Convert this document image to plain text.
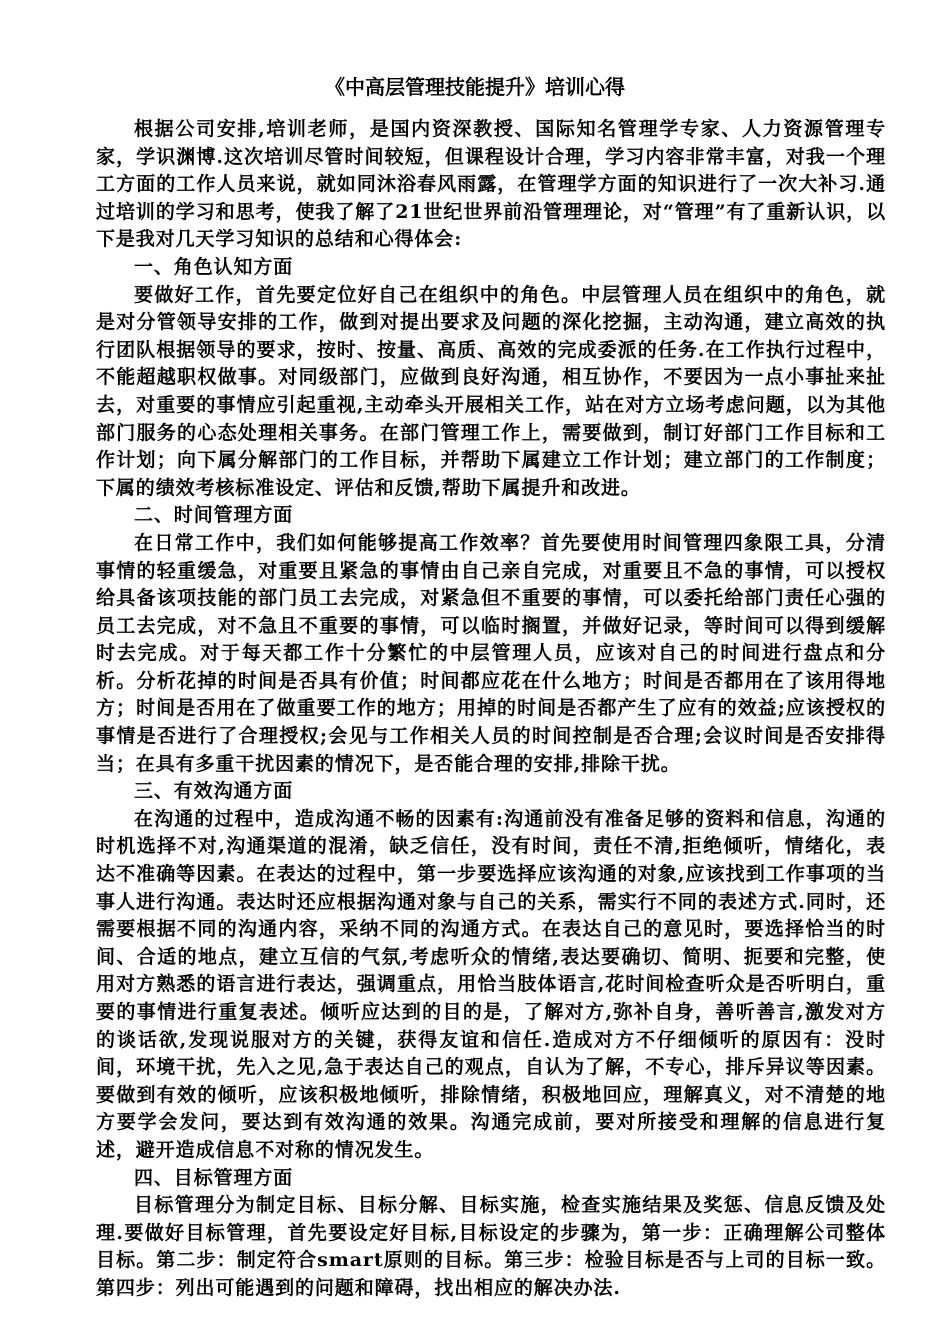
《中高层管理技能提升》培训心得

根据公司安排,培训老师，是国内资深教授、国际知名管理学专家、人力资源管理专家，学识渊博.这次培训尽管时间较短，但课程设计合理，学习内容非常丰富，对我一个理工方面的工作人员来说，就如同沐浴春风雨露，在管理学方面的知识进行了一次大补习.通过培训的学习和思考，使我了解了21世纪世界前沿管理理论，对“管理”有了重新认识，以下是我对几天学习知识的总结和心得体会:

一、角色认知方面

要做好工作，首先要定位好自己在组织中的角色。中层管理人员在组织中的角色，就是对分管领导安排的工作，做到对提出要求及问题的深化挖掘，主动沟通，建立高效的执行团队根据领导的要求，按时、按量、高质、高效的完成委派的任务.在工作执行过程中，不能超越职权做事。对同级部门，应做到良好沟通，相互协作，不要因为一点小事扯来扯去，对重要的事情应引起重视,主动牵头开展相关工作，站在对方立场考虑问题，以为其他部门服务的心态处理相关事务。在部门管理工作上，需要做到，制订好部门工作目标和工作计划；向下属分解部门的工作目标，并帮助下属建立工作计划；建立部门的工作制度；下属的绩效考核标准设定、评估和反馈,帮助下属提升和改进。

二、时间管理方面

在日常工作中，我们如何能够提高工作效率？首先要使用时间管理四象限工具，分清事情的轻重缓急，对重要且紧急的事情由自己亲自完成，对重要且不急的事情，可以授权给具备该项技能的部门员工去完成，对紧急但不重要的事情，可以委托给部门责任心强的员工去完成，对不急且不重要的事情，可以临时搁置，并做好记录，等时间可以得到缓解时去完成。对于每天都工作十分繁忙的中层管理人员，应该对自己的时间进行盘点和分析。分析花掉的时间是否具有价值；时间都应花在什么地方；时间是否都用在了该用得地方；时间是否用在了做重要工作的地方；用掉的时间是否都产生了应有的效益;应该授权的事情是否进行了合理授权;会见与工作相关人员的时间控制是否合理;会议时间是否安排得当；在具有多重干扰因素的情况下，是否能合理的安排,排除干扰。

三、有效沟通方面

在沟通的过程中，造成沟通不畅的因素有:沟通前没有准备足够的资料和信息，沟通的时机选择不对,沟通渠道的混淆，缺乏信任，没有时间，责任不清,拒绝倾听，情绪化，表达不准确等因素。在表达的过程中，第一步要选择应该沟通的对象,应该找到工作事项的当事人进行沟通。表达时还应根据沟通对象与自己的关系，需实行不同的表述方式.同时，还需要根据不同的沟通内容，采纳不同的沟通方式。在表达自己的意见时，要选择恰当的时间、合适的地点，建立互信的气氛,考虑听众的情绪,表达要确切、简明、扼要和完整，使用对方熟悉的语言进行表达，强调重点，用恰当肢体语言,花时间检查听众是否听明白，重要的事情进行重复表述。倾听应达到的目的是，了解对方,弥补自身，善听善言,激发对方的谈话欲,发现说服对方的关键，获得友谊和信任.造成对方不仔细倾听的原因有：没时间，环境干扰，先入之见,急于表达自己的观点，自认为了解，不专心，排斥异议等因素。要做到有效的倾听，应该积极地倾听，排除情绪，积极地回应，理解真义，对不清楚的地方要学会发问，要达到有效沟通的效果。沟通完成前，要对所接受和理解的信息进行复述，避开造成信息不对称的情况发生。

四、目标管理方面

目标管理分为制定目标、目标分解、目标实施，检查实施结果及奖惩、信息反馈及处理.要做好目标管理，首先要设定好目标,目标设定的步骤为，第一步：正确理解公司整体目标。第二步：制定符合smart原则的目标。第三步：检验目标是否与上司的目标一致。第四步：列出可能遇到的问题和障碍，找出相应的解决办法.
